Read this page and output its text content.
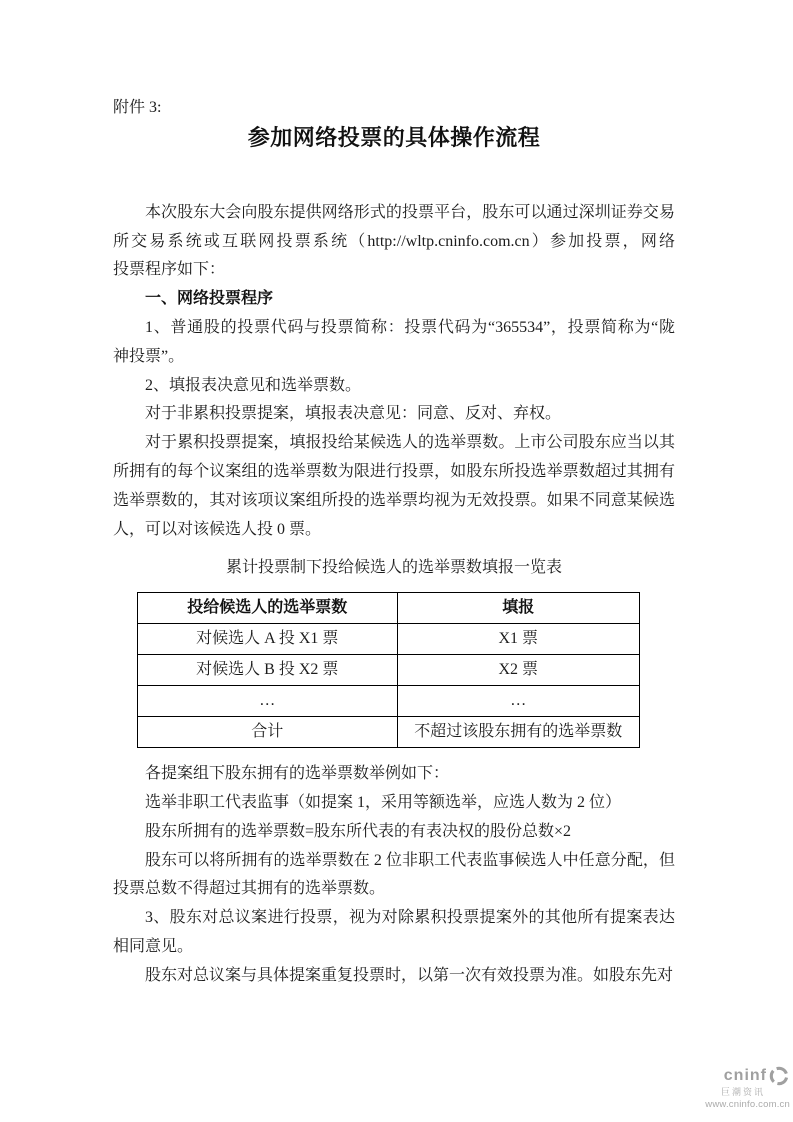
附件 3:
参加网络投票的具体操作流程
本次股东大会向股东提供网络形式的投票平台，股东可以通过深圳证券交易
所交易系统或互联网投票系统（http://wltp.cninfo.com.cn）参加投票，网络
投票程序如下：
一、网络投票程序
1、普通股的投票代码与投票简称：投票代码为“365534”，投票简称为“陇
神投票”。
2、填报表决意见和选举票数。
对于非累积投票提案，填报表决意见：同意、反对、弃权。
对于累积投票提案，填报投给某候选人的选举票数。上市公司股东应当以其
所拥有的每个议案组的选举票数为限进行投票，如股东所投选举票数超过其拥有
选举票数的，其对该项议案组所投的选举票均视为无效投票。如果不同意某候选
人，可以对该候选人投 0 票。
累计投票制下投给候选人的选举票数填报一览表
投给候选人的选举票数	填报
对候选人 A 投 X1 票	X1 票
对候选人 B 投 X2 票	X2 票
…	…
合计	不超过该股东拥有的选举票数
各提案组下股东拥有的选举票数举例如下：
选举非职工代表监事（如提案 1，采用等额选举，应选人数为 2 位）
股东所拥有的选举票数=股东所代表的有表决权的股份总数×2
股东可以将所拥有的选举票数在 2 位非职工代表监事候选人中任意分配，但
投票总数不得超过其拥有的选举票数。
3、股东对总议案进行投票，视为对除累积投票提案外的其他所有提案表达
相同意见。
股东对总议案与具体提案重复投票时，以第一次有效投票为准。如股东先对
cninf
巨潮资讯
www.cninfo.com.cn
